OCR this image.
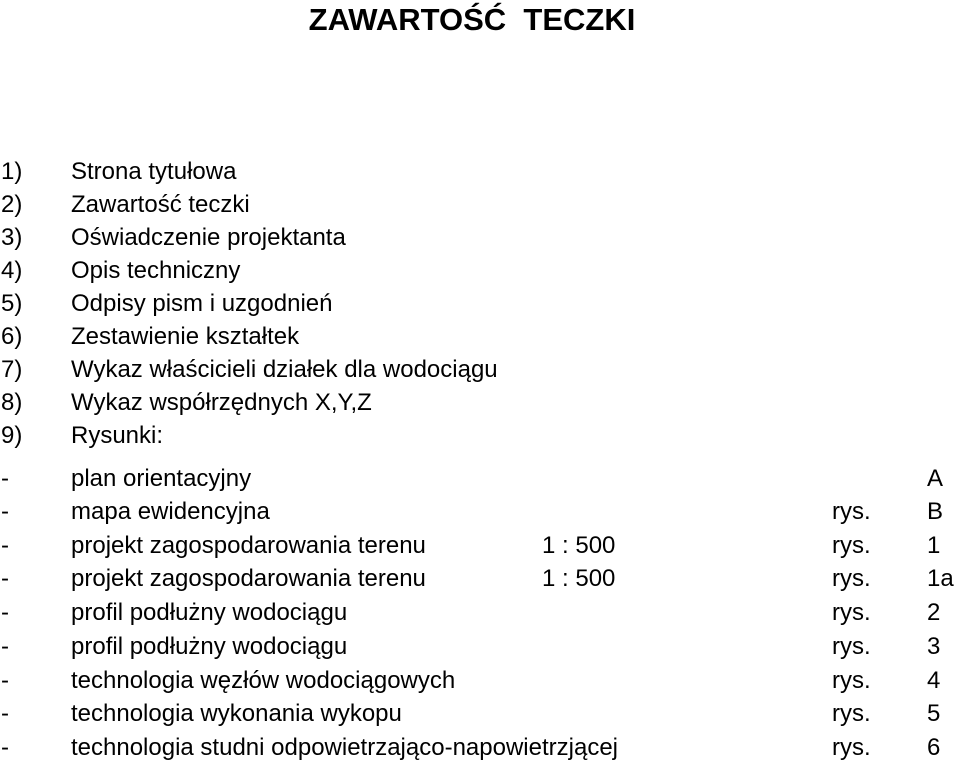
ZAWARTOŚĆ  TECZKI
1) Strona tytułowa
2) Zawartość teczki
3) Oświadczenie projektanta
4) Opis techniczny
5) Odpisy pism i uzgodnień
6) Zestawienie kształtek
7) Wykaz właścicieli działek dla wodociągu
8) Wykaz współrzędnych X,Y,Z
9) Rysunki:
-	plan orientacyjny	A
-	mapa ewidencyjna	rys. B
-	projekt zagospodarowania terenu	1 : 500	rys. 1
-	projekt zagospodarowania terenu	1 : 500	rys. 1a
-	profil podłużny wodociągu	rys. 2
-	profil podłużny wodociągu	rys. 3
-	technologia węzłów wodociągowych	rys. 4
-	technologia wykonania wykopu	rys. 5
-	technologia studni odpowietrzająco-napowietrzjącej	rys. 6
